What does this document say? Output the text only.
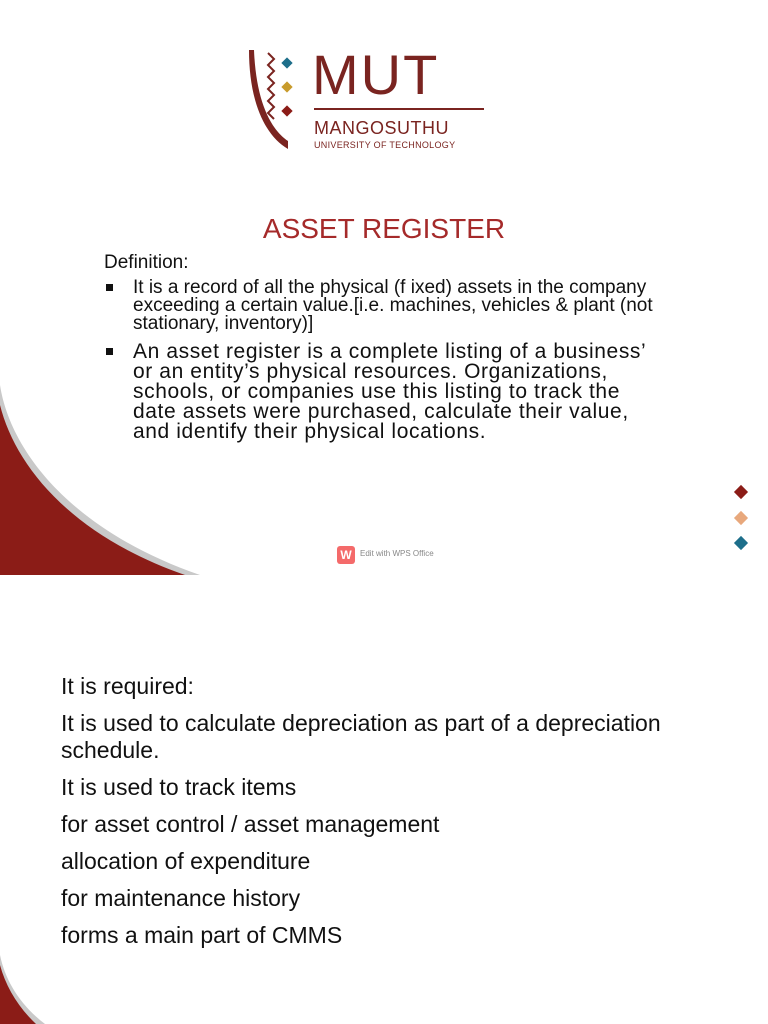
MUT
MANGOSUTHU
UNIVERSITY OF TECHNOLOGY
ASSET REGISTER
Definition:
It is a record of all the physical (f ixed) assets in the company exceeding a certain value.[i.e. machines, vehicles & plant (not stationary, inventory)]
An asset register is a complete listing of a business’ or an entity’s physical resources. Organizations, schools, or companies use this listing to track the date assets were purchased, calculate their value, and identify their physical locations.
W	Edit with WPS Office
It is required:
It is used to calculate depreciation as part of a depreciation schedule.
It is used to track items
for asset control / asset management
allocation of expenditure
for maintenance history
forms a main part of CMMS
